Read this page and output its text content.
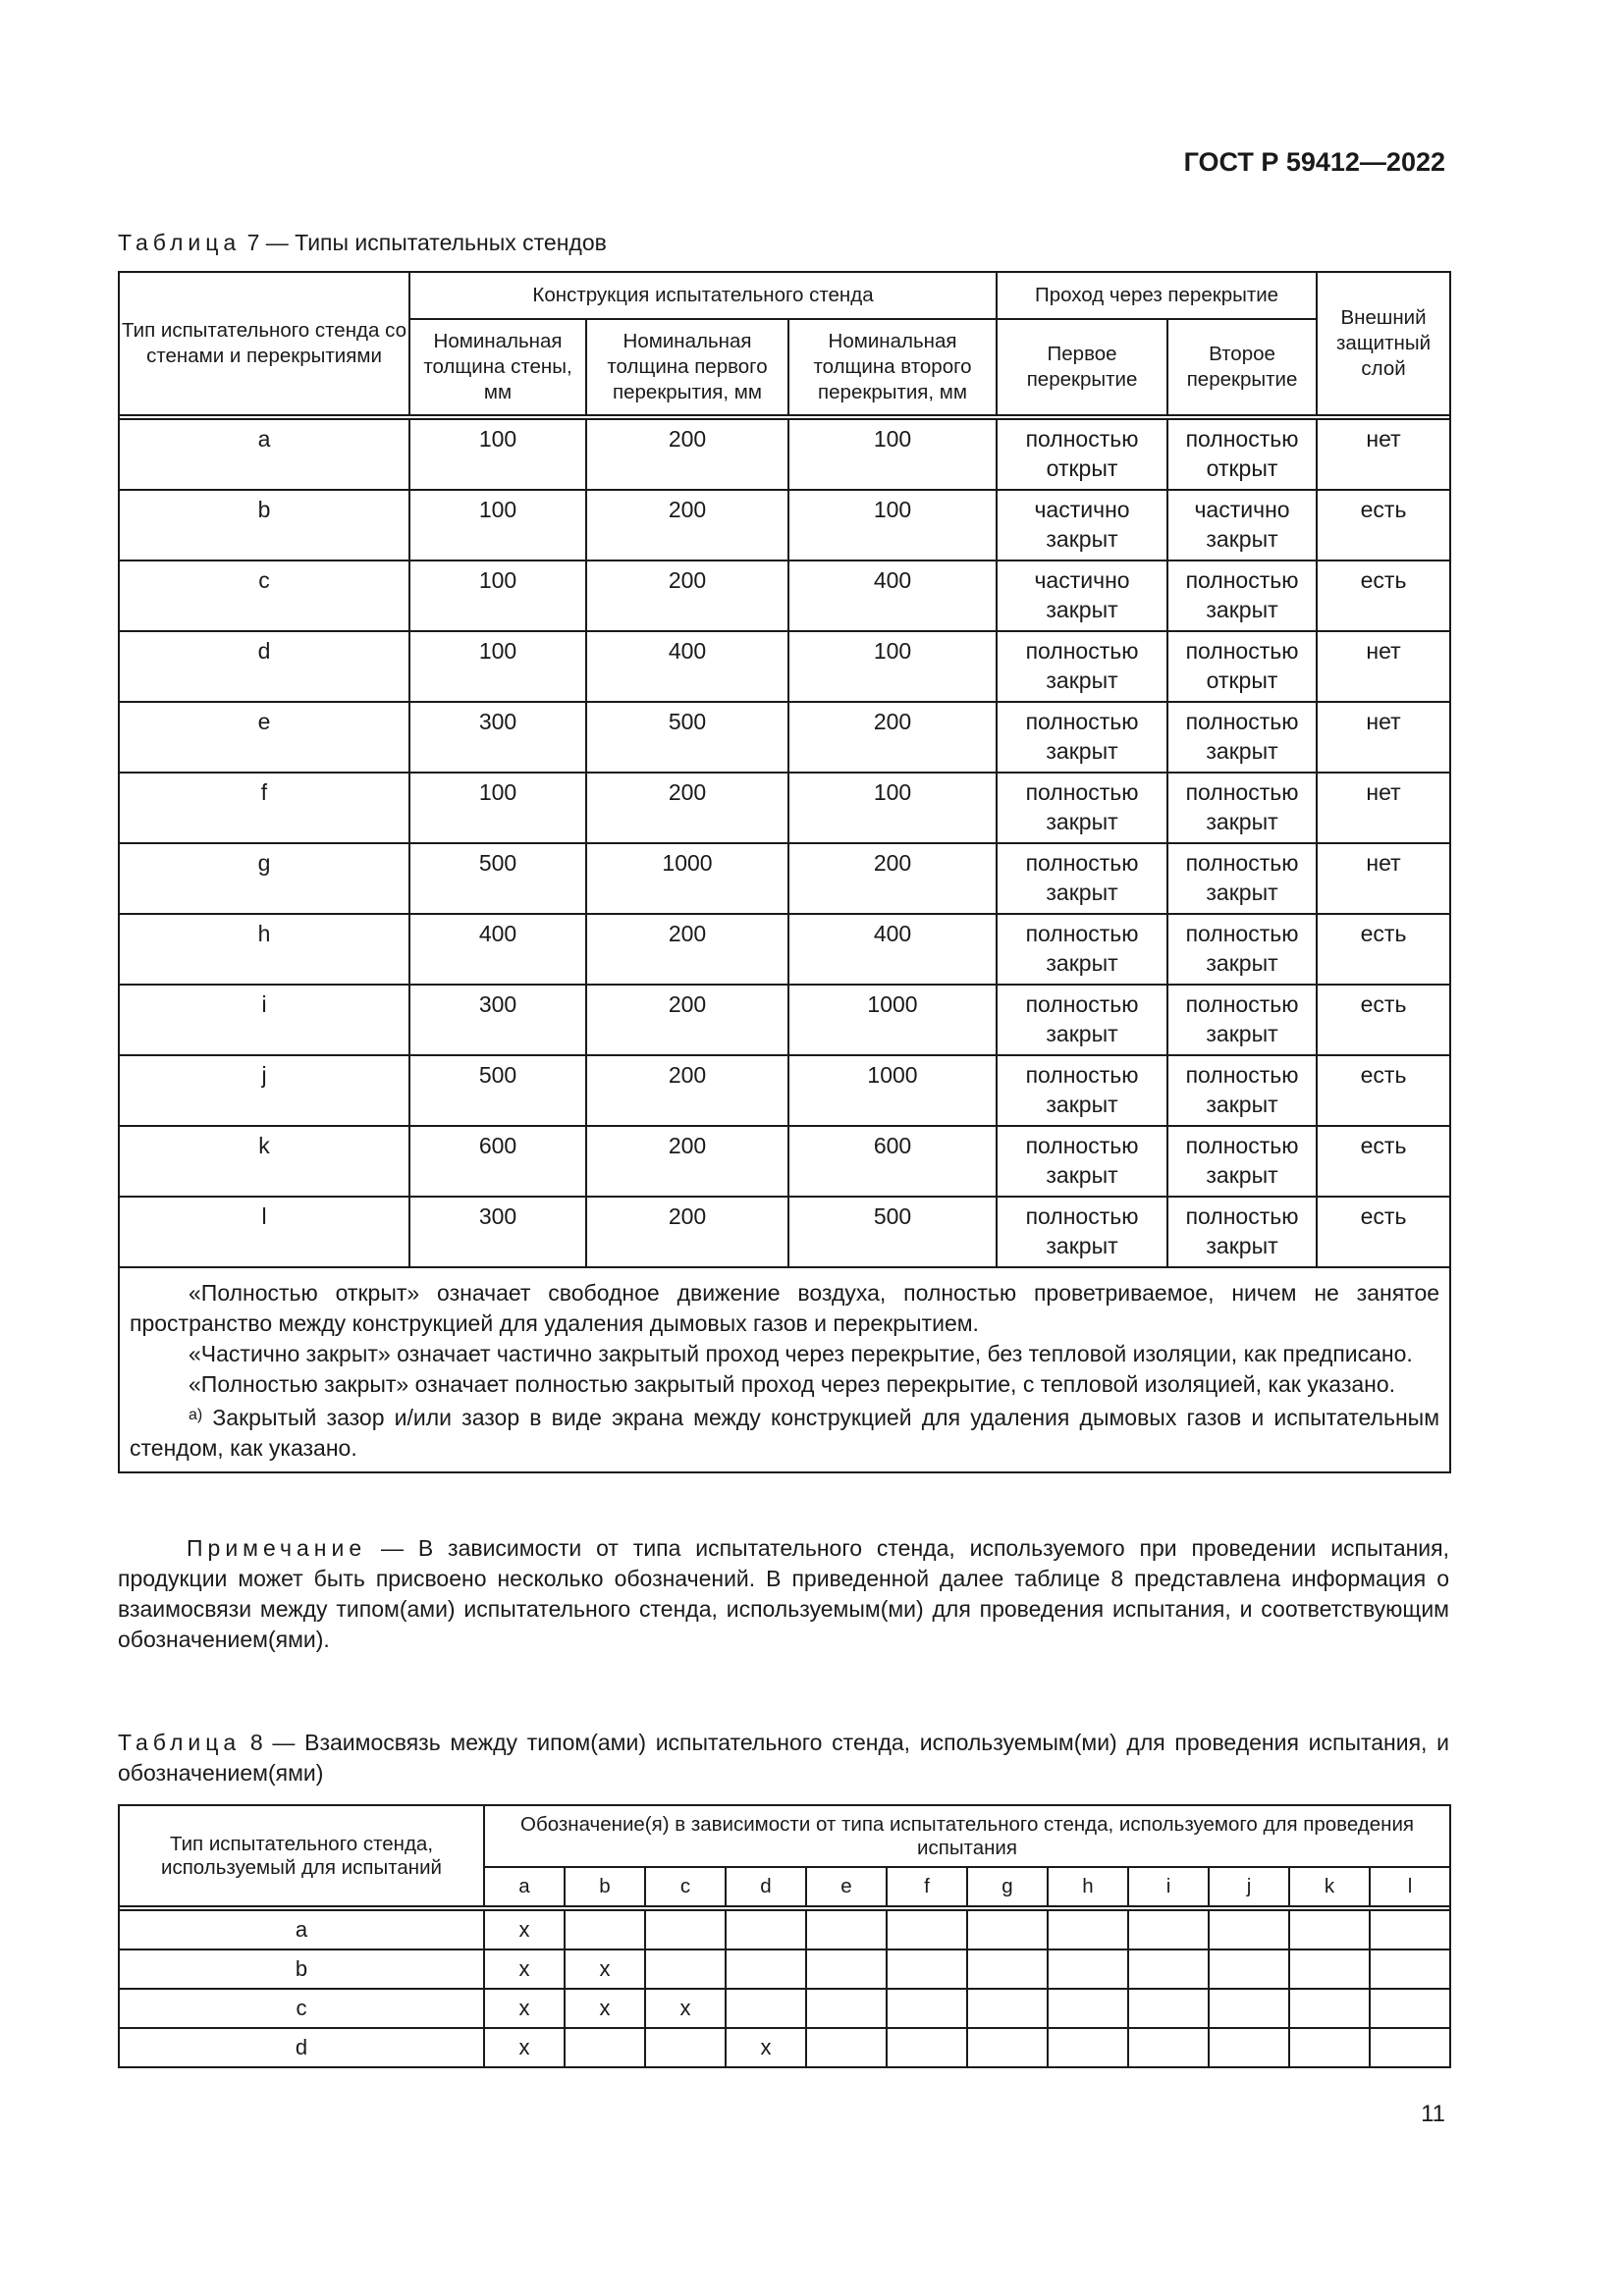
ГОСТ Р 59412—2022
Таблица 7 — Типы испытательных стендов
Тип испытательного стенда со стенами и перекрытиями	Конструкция испытательного стенда			Проход через перекрытие		Внешний защитный слой
	Номинальная толщина стены, мм	Номинальная толщина первого перекрытия, мм	Номинальная толщина второго перекрытия, мм	Первое перекрытие	Второе перекрытие	

a	100	200	100	полностью открыт	полностью открыт	нет
b	100	200	100	частично закрыт	частично закрыт	есть
c	100	200	400	частично закрыт	полностью закрыт	есть
d	100	400	100	полностью закрыт	полностью открыт	нет
e	300	500	200	полностью закрыт	полностью закрыт	нет
f	100	200	100	полностью закрыт	полностью закрыт	нет
g	500	1000	200	полностью закрыт	полностью закрыт	нет
h	400	200	400	полностью закрыт	полностью закрыт	есть
i	300	200	1000	полностью закрыт	полностью закрыт	есть
j	500	200	1000	полностью закрыт	полностью закрыт	есть
k	600	200	600	полностью закрыт	полностью закрыт	есть
l	300	200	500	полностью закрыт	полностью закрыт	есть

«Полностью открыт» означает свободное движение воздуха, полностью проветриваемое, ничем не занятое пространство между конструкцией для удаления дымовых газов и перекрытием.

«Частично закрыт» означает частично закрытый проход через перекрытие, без тепловой изоляции, как предписано.

«Полностью закрыт» означает полностью закрытый проход через перекрытие, с тепловой изоляцией, как указано.

$^{а)}$ Закрытый зазор и/или зазор в виде экрана между конструкцией для удаления дымовых газов и испытательным стендом, как указано.						

Примечание — В зависимости от типа испытательного стенда, используемого при проведении испытания, продукции может быть присвоено несколько обозначений. В приведенной далее таблице 8 представлена информация о взаимосвязи между типом(ами) испытательного стенда, используемым(ми) для проведения испытания, и соответствующим обозначением(ями).

Таблица 8 — Взаимосвязь между типом(ами) испытательного стенда, используемым(ми) для проведения испытания, и обозначением(ями)
Тип испытательного стенда, используемый для испытаний	Обозначение(я) в зависимости от типа испытательного стенда, используемого для проведения испытания											
	a	b	c	d	e	f	g	h	i	j	k	l

a	x											
b	x	x										
c	x	x	x									
d	x			x								
11
